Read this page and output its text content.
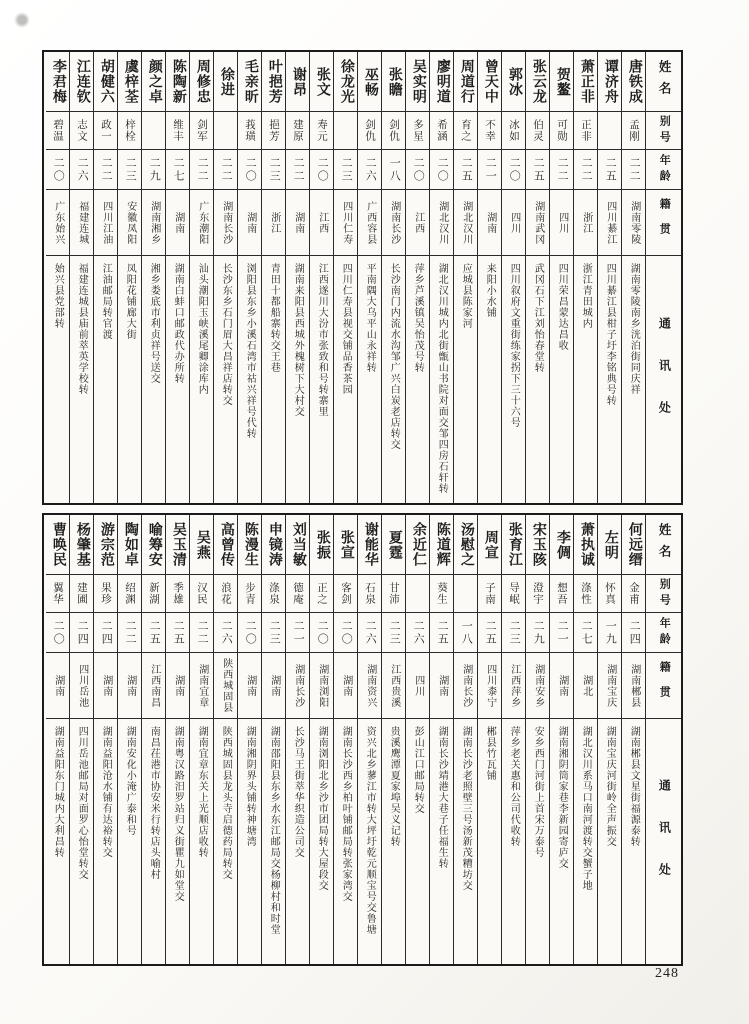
姓名
别号
年龄
籍贯
通讯处
唐铁成
孟刚
二二
湖南零陵
湖南零陵南乡洸泊街同庆祥
谭济舟
二五
四川綦江
四川綦江县柑子圩李铭典号转
萧正非
正非
二二
浙江
浙江青田城内
贺鳌
可勋
二二
四川
四川荣昌蒙达昌收
张云龙
伯灵
二五
湖南武冈
武冈石下江刘怡春堂转
郭冰
冰如
二〇
四川
四川叙府文重街练家拐下三十六号
曾天中
不幸
二一
湖南
来阳小水铺
周道行
育之
二五
湖北汉川
应城县陈家河
廖明道
希涵
二〇
湖北汉川
湖北汉川城内北街甑山书院对面交邹四房石轩转
吴实明
多星
二〇
江西
萍乡芦溪镇吴怡茂号转
张瞻
剑仇
一八
湖南长沙
长沙南门内流水沟邹广兴白炭老店转交
巫畅
剑仇
二六
广西容县
平南隅大乌平山永祥转
徐龙光
二三
四川仁寿
四川仁寿县视交铺品香茶园
张文
寿元
二〇
江西
江西遂川大汾市张致和号转寨里
谢昂
建原
二二
湖南
湖南来阳县西城外槐树下大村交
叶挹芳
挹芳
二三
浙江
青田十都船寨转交王巷
毛亲昕
莪璜
二〇
湖南
浏阳县东乡小溪石湾市祜兴祥号代转
徐进
二二
湖南长沙
长沙东乡石门眉大昌祥店转交
周修忠
剑军
二二
广东潮阳
汕头潮阳玉峡溪尾卿涂库内
陈陶新
维丰
二七
湖南
湖南白蚌口邮政代办所转
颜之卓
二九
湖南湘乡
湘乡娄底市利贞祥号送交
虞梓荃
梓栓
二三
安徽凤阳
凤阳花铺廊大街
胡健六
政一
二二
四川江油
江油邮局转官渡
江连钦
志文
二六
福建连城
福建连城县庙前萃英学校转
李君梅
碧温
二〇
广东始兴
始兴县党部转
姓名
别号
年龄
籍贯
通讯处
何远缙
金甫
二四
湖南郴县
湖南郴县文星街福源泰转
左明
怀真
一九
湖南宝庆
湖南宝庆河街岭全声振交
萧执诚
涤性
二七
湖北
湖北汉川系马口南河渡转交蟹子地
李倜
想吾
二一
湖南
湖南湘阴筒家巷李新园寄庐交
宋玉陔
澄宇
二九
湖南安乡
安乡西门河街上首宋万泰号
张育江
导岷
二三
江西萍乡
萍乡老关惠和公司代收转
周宣
子南
二五
四川桼宁
郴县竹瓦铺
汤慰之
一八
湖南长沙
湖南长沙老照壁三号汤新茂糟坊交
陈道辉
葵生
二五
湖南
湖南长沙靖港大巷子任福生转
余近仁
二六
四川
彭山江口邮局转交
夏霆
甘沛
二三
江西贵溪
贵溪鹰潭夏家埠吴义记转
谢能华
石泉
二六
湖南资兴
资兴北乡蓼江市转大坪圩乾元顺宝号交鲁塘
张宣
客剑
二〇
湖南
湖南长沙西乡柏叶铺邮局转张家湾交
张振
正之
二〇
湖南浏阳
湖南浏阳北乡沙市团局转大屋段交
刘当敏
德庵
二一
湖南长沙
长沙马王街萃华织造公司交
申镜涛
涤泉
二三
湖南
湖南邵阳县东乡水东江邮局交杨柳村和时堂
陈漫生
步青
二〇
湖南
湖南湘阴界头铺转神塘湾
高曾传
浪花
二六
陕西城固县
陕西城固县龙头寺启德药局转交
吴燕
汉民
二二
湖南宜章
湖南宜章东关上光顺店收转
吴玉清
季雄
二五
湖南
湖南粤汉路汨罗站归义街瞿九如堂交
喻筹安
新湖
二五
江西南昌
南昌茌港市协安米行转店头喻村
陶如卓
绍渊
二二
湖南
湖南安化小淹广泰和号
游宗范
果珍
二四
湖南
湖南益阳沧水铺有达裕转交
杨肇基
建圃
二四
四川岳池
四川岳池邮局对面罗心怡堂转交
曹唤民
翼华
二〇
湖南
湖南益阳东门城内大利昌转
248
